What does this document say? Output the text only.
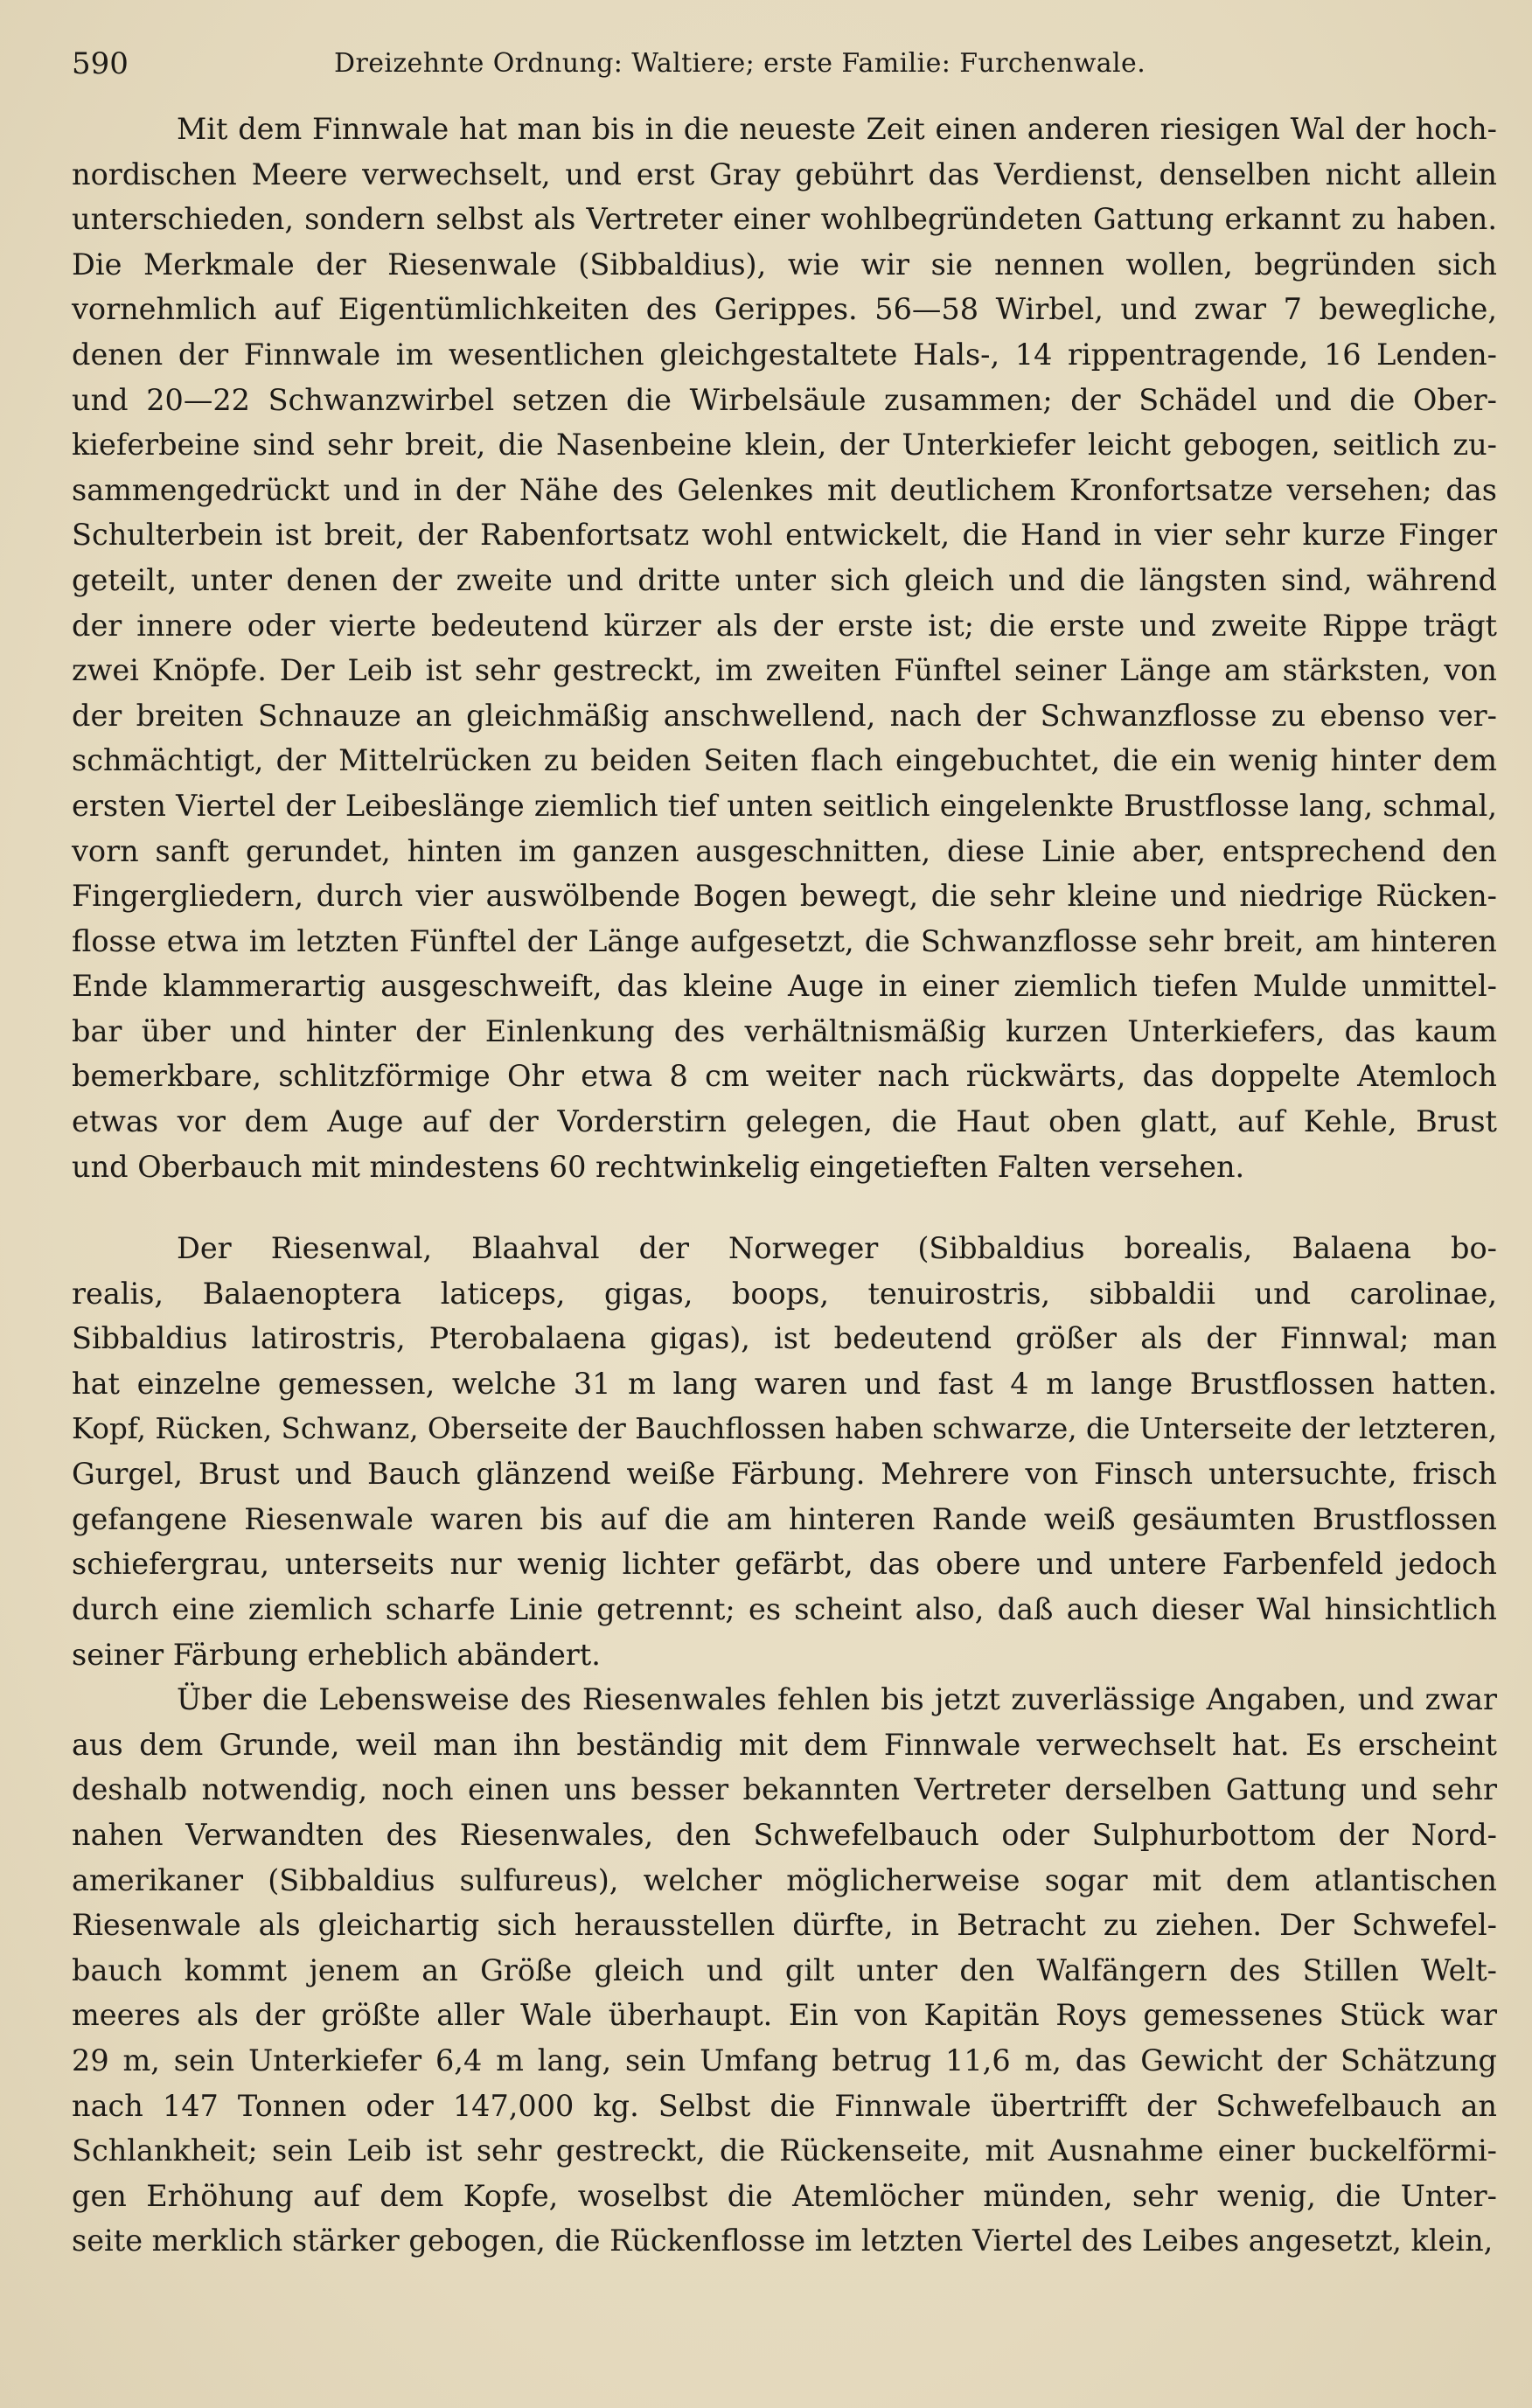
590	Dreizehnte Ordnung: Waltiere; erste Familie: Furchenwale.

Mit dem Finnwale hat man bis in die neueste Zeit einen anderen riesigen Wal der hoch-
nordischen Meere verwechselt, und erst Gray gebührt das Verdienst, denselben nicht allein
unterschieden, sondern selbst als Vertreter einer wohlbegründeten Gattung erkannt zu haben.
Die Merkmale der Riesenwale (Sibbaldius), wie wir sie nennen wollen, begründen sich
vornehmlich auf Eigentümlichkeiten des Gerippes. 56—58 Wirbel, und zwar 7 bewegliche,
denen der Finnwale im wesentlichen gleichgestaltete Hals-, 14 rippentragende, 16 Lenden-
und 20—22 Schwanzwirbel setzen die Wirbelsäule zusammen; der Schädel und die Ober-
kieferbeine sind sehr breit, die Nasenbeine klein, der Unterkiefer leicht gebogen, seitlich zu-
sammengedrückt und in der Nähe des Gelenkes mit deutlichem Kronfortsatze versehen; das
Schulterbein ist breit, der Rabenfortsatz wohl entwickelt, die Hand in vier sehr kurze Finger
geteilt, unter denen der zweite und dritte unter sich gleich und die längsten sind, während
der innere oder vierte bedeutend kürzer als der erste ist; die erste und zweite Rippe trägt
zwei Knöpfe. Der Leib ist sehr gestreckt, im zweiten Fünftel seiner Länge am stärksten, von
der breiten Schnauze an gleichmäßig anschwellend, nach der Schwanzflosse zu ebenso ver-
schmächtigt, der Mittelrücken zu beiden Seiten flach eingebuchtet, die ein wenig hinter dem
ersten Viertel der Leibeslänge ziemlich tief unten seitlich eingelenkte Brustflosse lang, schmal,
vorn sanft gerundet, hinten im ganzen ausgeschnitten, diese Linie aber, entsprechend den
Fingergliedern, durch vier auswölbende Bogen bewegt, die sehr kleine und niedrige Rücken-
flosse etwa im letzten Fünftel der Länge aufgesetzt, die Schwanzflosse sehr breit, am hinteren
Ende klammerartig ausgeschweift, das kleine Auge in einer ziemlich tiefen Mulde unmittel-
bar über und hinter der Einlenkung des verhältnismäßig kurzen Unterkiefers, das kaum
bemerkbare, schlitzförmige Ohr etwa 8 cm weiter nach rückwärts, das doppelte Atemloch
etwas vor dem Auge auf der Vorderstirn gelegen, die Haut oben glatt, auf Kehle, Brust
und Oberbauch mit mindestens 60 rechtwinkelig eingetieften Falten versehen.

Der Riesenwal, Blaahval der Norweger (Sibbaldius borealis, Balaena bo-
realis, Balaenoptera laticeps, gigas, boops, tenuirostris, sibbaldii und carolinae,
Sibbaldius latirostris, Pterobalaena gigas), ist bedeutend größer als der Finnwal; man
hat einzelne gemessen, welche 31 m lang waren und fast 4 m lange Brustflossen hatten.
Kopf, Rücken, Schwanz, Oberseite der Bauchflossen haben schwarze, die Unterseite der letzteren,
Gurgel, Brust und Bauch glänzend weiße Färbung. Mehrere von Finsch untersuchte, frisch
gefangene Riesenwale waren bis auf die am hinteren Rande weiß gesäumten Brustflossen
schiefergrau, unterseits nur wenig lichter gefärbt, das obere und untere Farbenfeld jedoch
durch eine ziemlich scharfe Linie getrennt; es scheint also, daß auch dieser Wal hinsichtlich
seiner Färbung erheblich abändert.

Über die Lebensweise des Riesenwales fehlen bis jetzt zuverlässige Angaben, und zwar
aus dem Grunde, weil man ihn beständig mit dem Finnwale verwechselt hat. Es erscheint
deshalb notwendig, noch einen uns besser bekannten Vertreter derselben Gattung und sehr
nahen Verwandten des Riesenwales, den Schwefelbauch oder Sulphurbottom der Nord-
amerikaner (Sibbaldius sulfureus), welcher möglicherweise sogar mit dem atlantischen
Riesenwale als gleichartig sich herausstellen dürfte, in Betracht zu ziehen. Der Schwefel-
bauch kommt jenem an Größe gleich und gilt unter den Walfängern des Stillen Welt-
meeres als der größte aller Wale überhaupt. Ein von Kapitän Roys gemessenes Stück war
29 m, sein Unterkiefer 6,4 m lang, sein Umfang betrug 11,6 m, das Gewicht der Schätzung
nach 147 Tonnen oder 147,000 kg. Selbst die Finnwale übertrifft der Schwefelbauch an
Schlankheit; sein Leib ist sehr gestreckt, die Rückenseite, mit Ausnahme einer buckelförmi-
gen Erhöhung auf dem Kopfe, woselbst die Atemlöcher münden, sehr wenig, die Unter-
seite merklich stärker gebogen, die Rückenflosse im letzten Viertel des Leibes angesetzt, klein,
